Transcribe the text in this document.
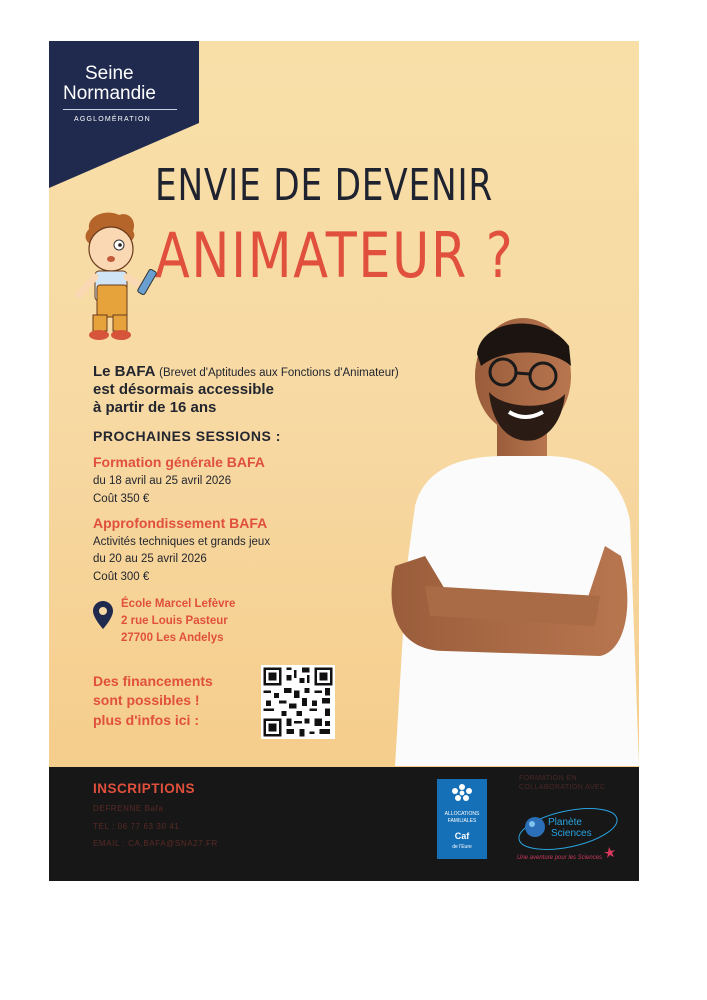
Seine
Normandie
AGGLOMÉRATION
ENVIE DE DEVENIR
ANIMATEUR ?
Le BAFA (Brevet d'Aptitudes aux Fonctions d'Animateur)
est désormais accessible
à partir de 16 ans
PROCHAINES SESSIONS :
Formation générale BAFA
du 18 avril au 25 avril 2026
Coût 350 €
Approfondissement BAFA
Activités techniques et grands jeux
du 20 au 25 avril 2026
Coût 300 €
École Marcel Lefèvre
2 rue Louis Pasteur
27700 Les Andelys
Des financements
sont possibles !
plus d'infos ici :
INSCRIPTIONS
DEFRENNE Bafa
TEL : 06 77 63 30 41
EMAIL : CA.BAFA@SNA27.FR
ALLOCATIONS
FAMILIALES
Caf
de l'Eure
FORMATION EN
COLLABORATION AVEC
Planète
Sciences
Une aventure pour les Sciences
